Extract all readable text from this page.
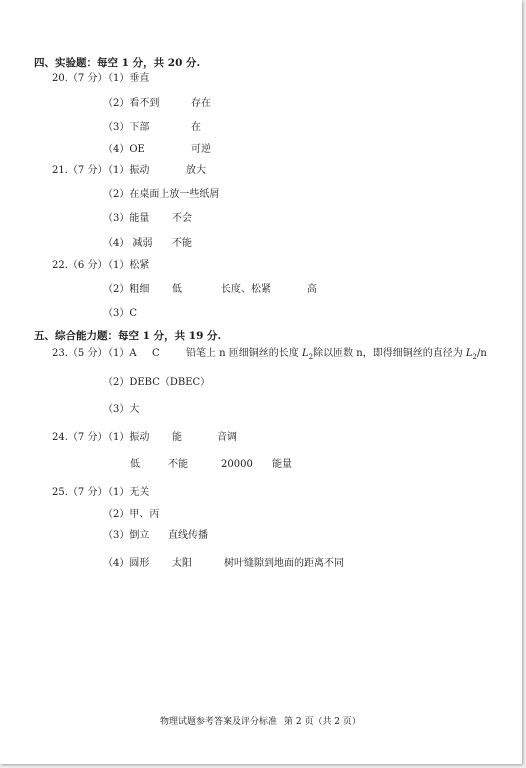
四、实验题：每空 1 分，共 20 分.
20.（7 分）
（1）垂直
（2）看不到	存在
（3）下部	在
（4）OE	可逆
21.（7 分）
（1）振动	放大
（2）在桌面上放一些纸屑
（3）能量 不会
（4） 减弱 不能
22.（6 分）
（1）松紧
（2）粗细 低	长度、松紧	高
（3）C
五、综合能力题：每空 1 分，共 19 分.
23.（5 分）
（1）A C	铅笔上 n 匝细铜丝的长度 $L_2$除以匝数 n，即得细铜丝的直径为 $L_2/n$
（2）DEBC（DBEC）
（3）大
24.（7 分）
（1）振动 能	音调
低	不能	20000 能量
25.（7 分）
（1）无关
（2）甲、丙
（3）倒立 直线传播
（4）圆形 太阳	树叶缝隙到地面的距离不同
物理试题参考答案及评分标准 第 2 页（共 2 页）
